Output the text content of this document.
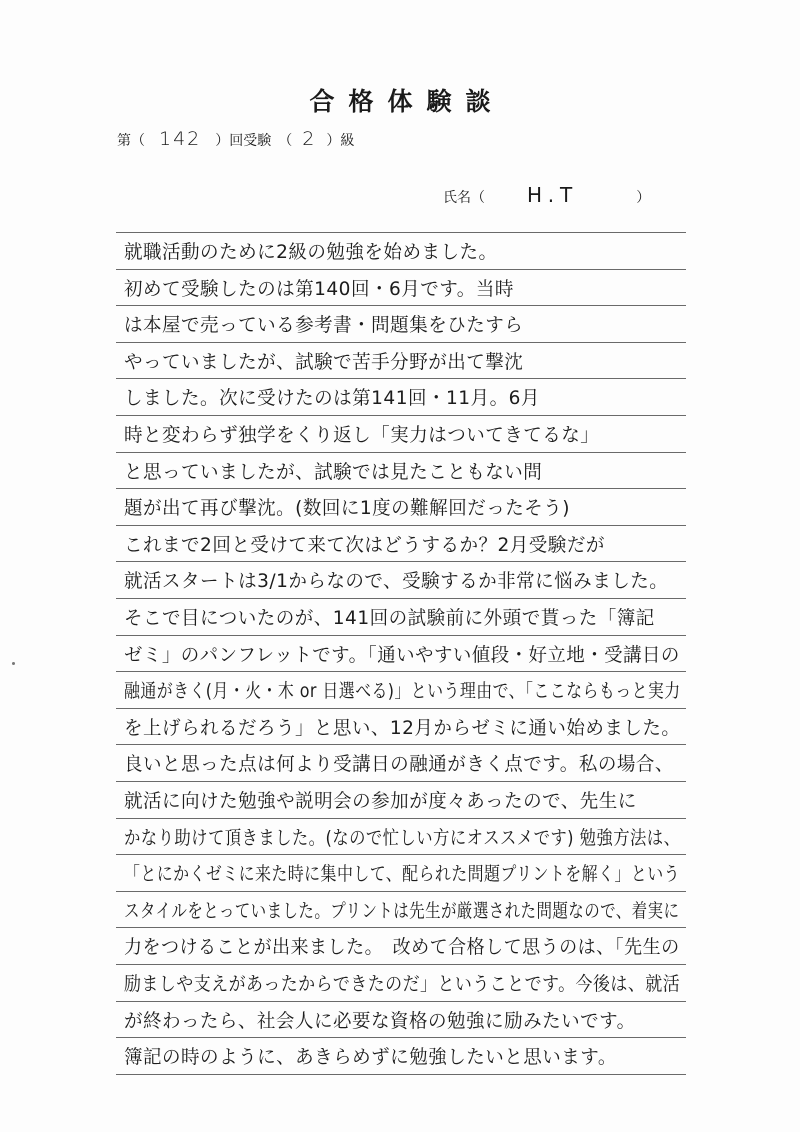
合格体験談
第（ 142 ）回受験　（ 2 ）級
氏名（ H.T	）
就職活動のために2級の勉強を始めました。
初めて受験したのは第140回・6月です。当時
は本屋で売っている参考書・問題集をひたすら
やっていましたが、試験で苦手分野が出て撃沈
しました。次に受けたのは第141回・11月。6月
時と変わらず独学をくり返し「実力はついてきてるな」
と思っていましたが、試験では見たこともない問
題が出て再び撃沈。(数回に1度の難解回だったそう)
これまで2回と受けて来て次はどうするか？2月受験だが
就活スタートは3/1からなので、受験するか非常に悩みました。
そこで目についたのが、141回の試験前に外頭で貰った「簿記
ゼミ」のパンフレットです。「通いやすい値段・好立地・受講日の
融通がきく(月・火・木 or 日選べる)」という理由で、「ここならもっと実力
を上げられるだろう」と思い、12月からゼミに通い始めました。
良いと思った点は何より受講日の融通がきく点です。私の場合、
就活に向けた勉強や説明会の参加が度々あったので、先生に
かなり助けて頂きました。(なので忙しい方にオススメです) 勉強方法は、
「とにかくゼミに来た時に集中して、配られた問題プリントを解く」という
スタイルをとっていました。プリントは先生が厳選された問題なので、着実に
力をつけることが出来ました。　改めて合格して思うのは、「先生の
励ましや支えがあったからできたのだ」ということです。今後は、就活
が終わったら、社会人に必要な資格の勉強に励みたいです。
簿記の時のように、あきらめずに勉強したいと思います。
